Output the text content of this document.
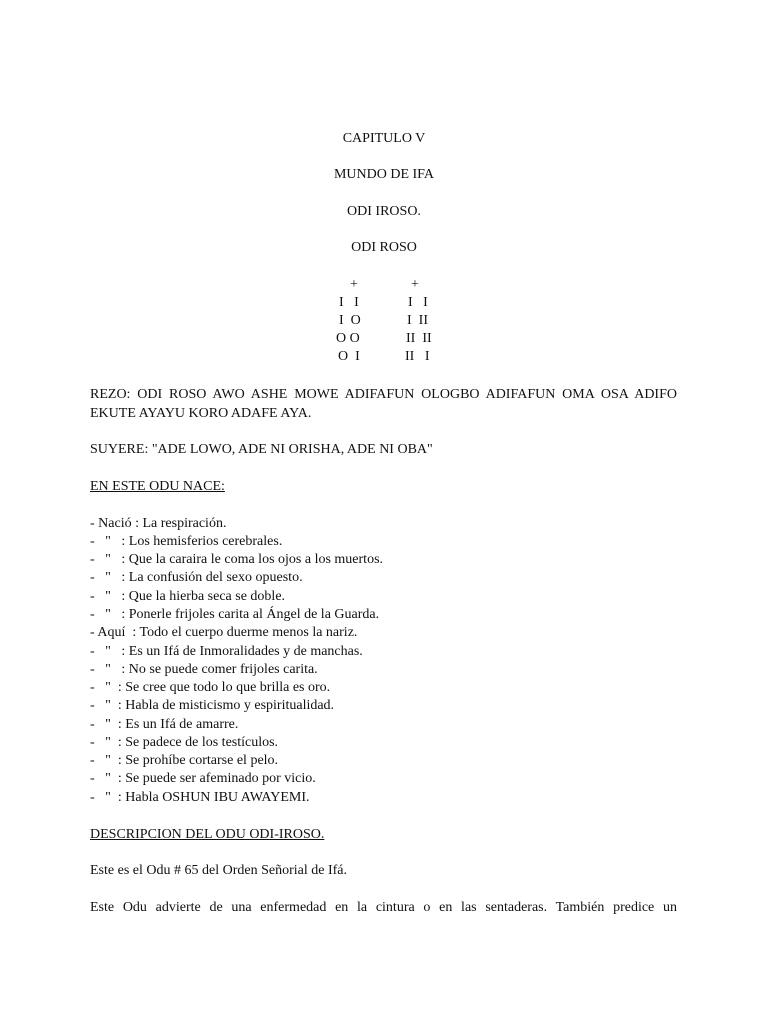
CAPITULO V
MUNDO DE IFA
ODI IROSO.
ODI ROSO
+
I   I
I  O
O O
O  I
+
I   I
I  II
II  II
II   I
REZO: ODI ROSO AWO ASHE MOWE ADIFAFUN OLOGBO ADIFAFUN OMA OSA ADIFO EKUTE AYAYU KORO ADAFE AYA.
SUYERE: "ADE LOWO, ADE NI ORISHA, ADE NI OBA"
EN ESTE ODU NACE:
- Nació : La respiración.
-   "   : Los hemisferios cerebrales.
-   "   : Que la caraira le coma los ojos a los muertos.
-   "   : La confusión del sexo opuesto.
-   "   : Que la hierba seca se doble.
-   "   : Ponerle frijoles carita al Ángel de la Guarda.
- Aquí  : Todo el cuerpo duerme menos la nariz.
-   "   : Es un Ifá de Inmoralidades y de manchas.
-   "   : No se puede comer frijoles carita.
-   "  : Se cree que todo lo que brilla es oro.
-   "  : Habla de misticismo y espiritualidad.
-   "  : Es un Ifá de amarre.
-   "  : Se padece de los testículos.
-   "  : Se prohíbe cortarse el pelo.
-   "  : Se puede ser afeminado por vicio.
-   "  : Habla OSHUN IBU AWAYEMI.
DESCRIPCION DEL ODU ODI-IROSO.
Este es el Odu # 65 del Orden Señorial de Ifá.
Este Odu advierte de una enfermedad en la cintura o en las sentaderas. También predice un
